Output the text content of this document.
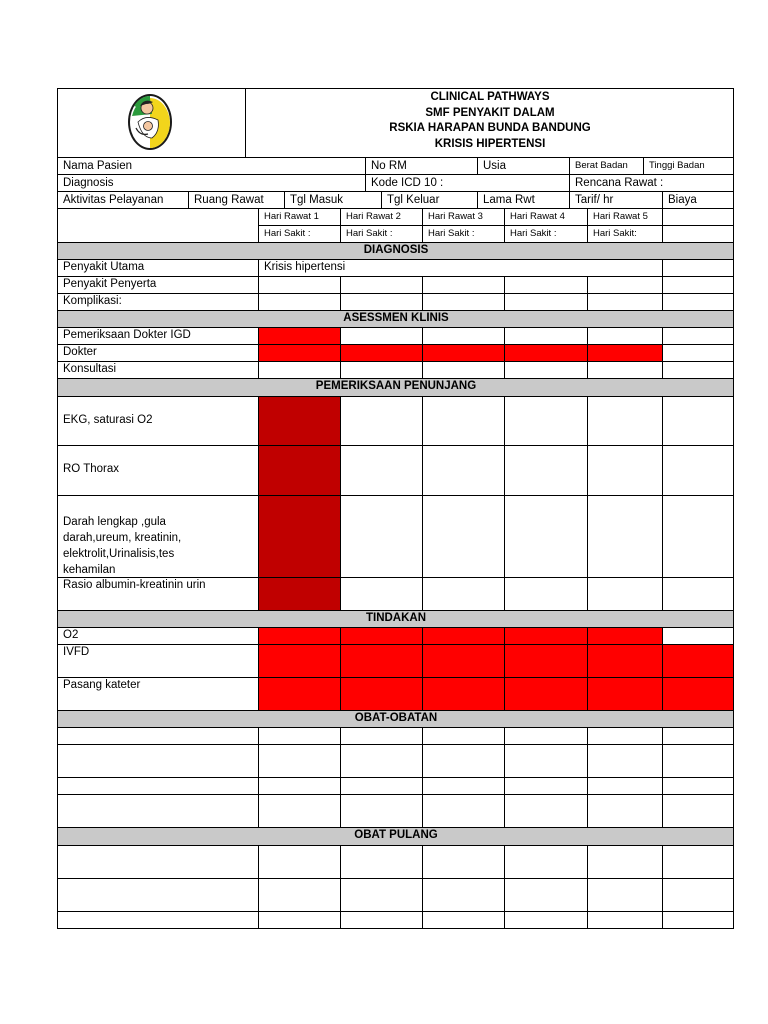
CLINICAL PATHWAYS
SMF PENYAKIT DALAM
RSKIA HARAPAN BUNDA BANDUNG
KRISIS HIPERTENSI
Nama Pasien	No RM	Usia	Berat Badan	Tinggi Badan
Diagnosis	Kode ICD 10 :	Rencana Rawat :
Aktivitas Pelayanan	Ruang Rawat	Tgl Masuk	Tgl Keluar	Lama Rwt	Tarif/ hr	Biaya
Hari Rawat 1	Hari Rawat 2	Hari Rawat 3	Hari Rawat 4	Hari Rawat 5
Hari Sakit :	Hari Sakit :	Hari Sakit :	Hari Sakit :	Hari Sakit:
DIAGNOSIS
Penyakit Utama	Krisis hipertensi
Penyakit Penyerta
Komplikasi:
ASESSMEN KLINIS
Pemeriksaan Dokter IGD
Dokter
Konsultasi
PEMERIKSAAN PENUNJANG
EKG, saturasi O2
RO Thorax
Darah lengkap ,gula darah,ureum, kreatinin, elektrolit,Urinalisis,tes kehamilan
Rasio albumin-kreatinin urin
TINDAKAN
O2
IVFD
Pasang kateter
OBAT-OBATAN
OBAT PULANG
